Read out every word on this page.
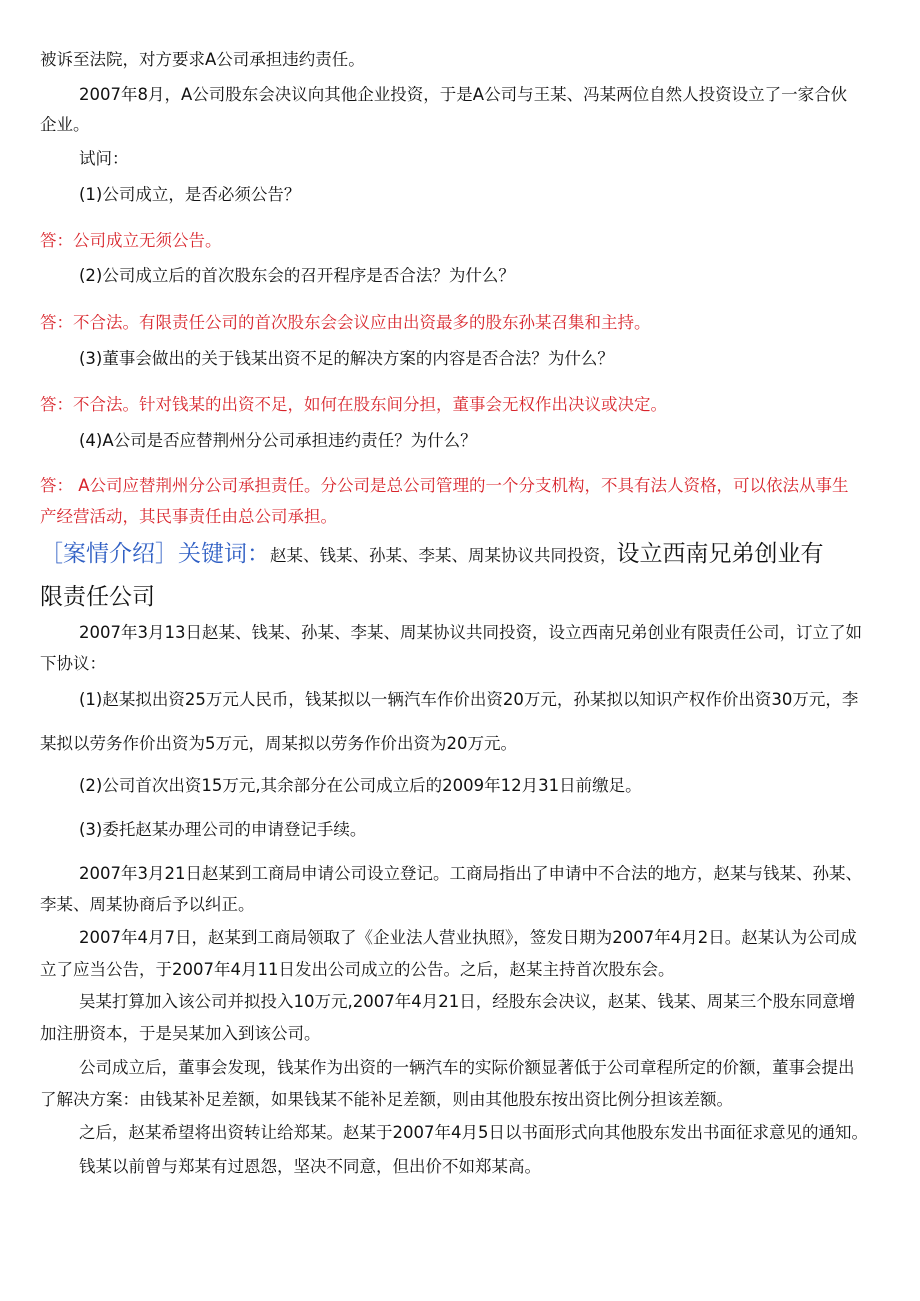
被诉至法院，对方要求A公司承担违约责任。

2007年8月，A公司股东会决议向其他企业投资，于是A公司与王某、冯某两位自然人投资设立了一家合伙

企业。

试问：

(1)公司成立，是否必须公告？

答：公司成立无须公告。

(2)公司成立后的首次股东会的召开程序是否合法？为什么？

答：不合法。有限责任公司的首次股东会会议应由出资最多的股东孙某召集和主持。

(3)董事会做出的关于钱某出资不足的解决方案的内容是否合法？为什么？

答：不合法。针对钱某的出资不足，如何在股东间分担，董事会无权作出决议或决定。

(4)A公司是否应替荆州分公司承担违约责任？为什么？

答： A公司应替荆州分公司承担责任。分公司是总公司管理的一个分支机构，不具有法人资格，可以依法从事生

产经营活动，其民事责任由总公司承担。

［案情介绍］关键词：赵某、钱某、孙某、李某、周某协议共同投资，设立西南兄弟创业有
限责任公司

2007年3月13日赵某、钱某、孙某、李某、周某协议共同投资，设立西南兄弟创业有限责任公司，订立了如

下协议：

(1)赵某拟出资25万元人民币，钱某拟以一辆汽车作价出资20万元，孙某拟以知识产权作价出资30万元，李

某拟以劳务作价出资为5万元，周某拟以劳务作价出资为20万元。

(2)公司首次出资15万元,其余部分在公司成立后的2009年12月31日前缴足。

(3)委托赵某办理公司的申请登记手续。

2007年3月21日赵某到工商局申请公司设立登记。工商局指出了申请中不合法的地方，赵某与钱某、孙某、

李某、周某协商后予以纠正。

2007年4月7日，赵某到工商局领取了《企业法人营业执照》，签发日期为2007年4月2日。赵某认为公司成

立了应当公告，于2007年4月11日发出公司成立的公告。之后，赵某主持首次股东会。

吴某打算加入该公司并拟投入10万元,2007年4月21日，经股东会决议，赵某、钱某、周某三个股东同意增

加注册资本，于是吴某加入到该公司。

公司成立后，董事会发现，钱某作为出资的一辆汽车的实际价额显著低于公司章程所定的价额，董事会提出

了解决方案：由钱某补足差额，如果钱某不能补足差额，则由其他股东按出资比例分担该差额。

之后，赵某希望将出资转让给郑某。赵某于2007年4月5日以书面形式向其他股东发出书面征求意见的通知。

钱某以前曾与郑某有过恩怨，坚决不同意，但出价不如郑某高。
